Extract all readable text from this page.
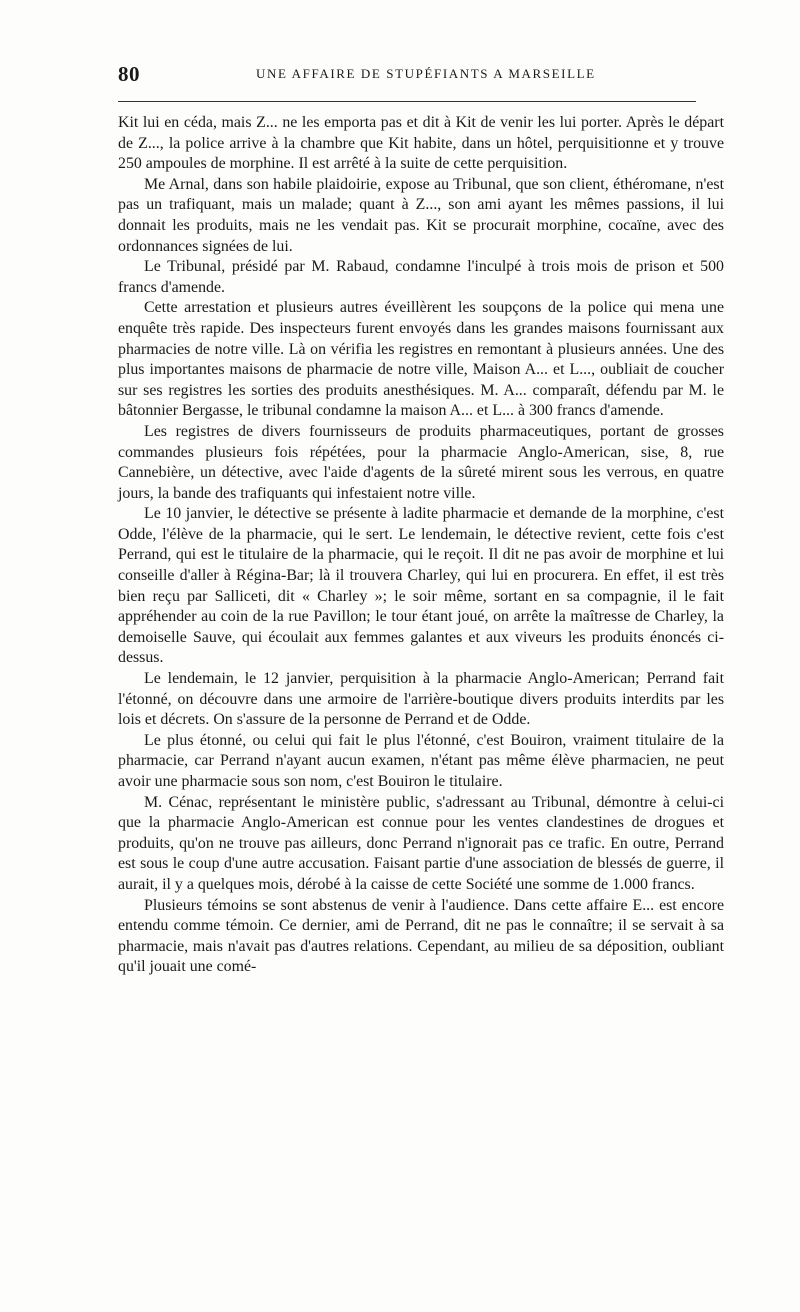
80	UNE AFFAIRE DE STUPÉFIANTS A MARSEILLE

Kit lui en céda, mais Z... ne les emporta pas et dit à Kit de venir les lui porter. Après le départ de Z..., la police arrive à la chambre que Kit habite, dans un hôtel, perquisitionne et y trouve 250 ampoules de morphine. Il est arrêté à la suite de cette perquisition.

Me Arnal, dans son habile plaidoirie, expose au Tribunal, que son client, éthéromane, n'est pas un trafiquant, mais un malade; quant à Z..., son ami ayant les mêmes passions, il lui donnait les produits, mais ne les vendait pas. Kit se procurait morphine, cocaïne, avec des ordonnances signées de lui.

Le Tribunal, présidé par M. Rabaud, condamne l'inculpé à trois mois de prison et 500 francs d'amende.

Cette arrestation et plusieurs autres éveillèrent les soupçons de la police qui mena une enquête très rapide. Des inspecteurs furent envoyés dans les grandes maisons fournissant aux pharmacies de notre ville. Là on vérifia les registres en remontant à plusieurs années. Une des plus importantes maisons de pharmacie de notre ville, Maison A... et L..., oubliait de coucher sur ses registres les sorties des produits anesthésiques. M. A... comparaît, défendu par M. le bâtonnier Bergasse, le tribunal condamne la maison A... et L... à 300 francs d'amende.

Les registres de divers fournisseurs de produits pharmaceutiques, portant de grosses commandes plusieurs fois répétées, pour la pharmacie Anglo-American, sise, 8, rue Cannebière, un détective, avec l'aide d'agents de la sûreté mirent sous les verrous, en quatre jours, la bande des trafiquants qui infestaient notre ville.

Le 10 janvier, le détective se présente à ladite pharmacie et demande de la morphine, c'est Odde, l'élève de la pharmacie, qui le sert. Le lendemain, le détective revient, cette fois c'est Perrand, qui est le titulaire de la pharmacie, qui le reçoit. Il dit ne pas avoir de morphine et lui conseille d'aller à Régina-Bar; là il trouvera Charley, qui lui en procurera. En effet, il est très bien reçu par Salliceti, dit « Charley »; le soir même, sortant en sa compagnie, il le fait appréhender au coin de la rue Pavillon; le tour étant joué, on arrête la maîtresse de Charley, la demoiselle Sauve, qui écoulait aux femmes galantes et aux viveurs les produits énoncés ci-dessus.

Le lendemain, le 12 janvier, perquisition à la pharmacie Anglo-American; Perrand fait l'étonné, on découvre dans une armoire de l'arrière-boutique divers produits interdits par les lois et décrets. On s'assure de la personne de Perrand et de Odde.

Le plus étonné, ou celui qui fait le plus l'étonné, c'est Bouiron, vraiment titulaire de la pharmacie, car Perrand n'ayant aucun examen, n'étant pas même élève pharmacien, ne peut avoir une pharmacie sous son nom, c'est Bouiron le titulaire.

M. Cénac, représentant le ministère public, s'adressant au Tribunal, démontre à celui-ci que la pharmacie Anglo-American est connue pour les ventes clandestines de drogues et produits, qu'on ne trouve pas ailleurs, donc Perrand n'ignorait pas ce trafic. En outre, Perrand est sous le coup d'une autre accusation. Faisant partie d'une association de blessés de guerre, il aurait, il y a quelques mois, dérobé à la caisse de cette Société une somme de 1.000 francs.

Plusieurs témoins se sont abstenus de venir à l'audience. Dans cette affaire E... est encore entendu comme témoin. Ce dernier, ami de Perrand, dit ne pas le connaître; il se servait à sa pharmacie, mais n'avait pas d'autres relations. Cependant, au milieu de sa déposition, oubliant qu'il jouait une comé-
